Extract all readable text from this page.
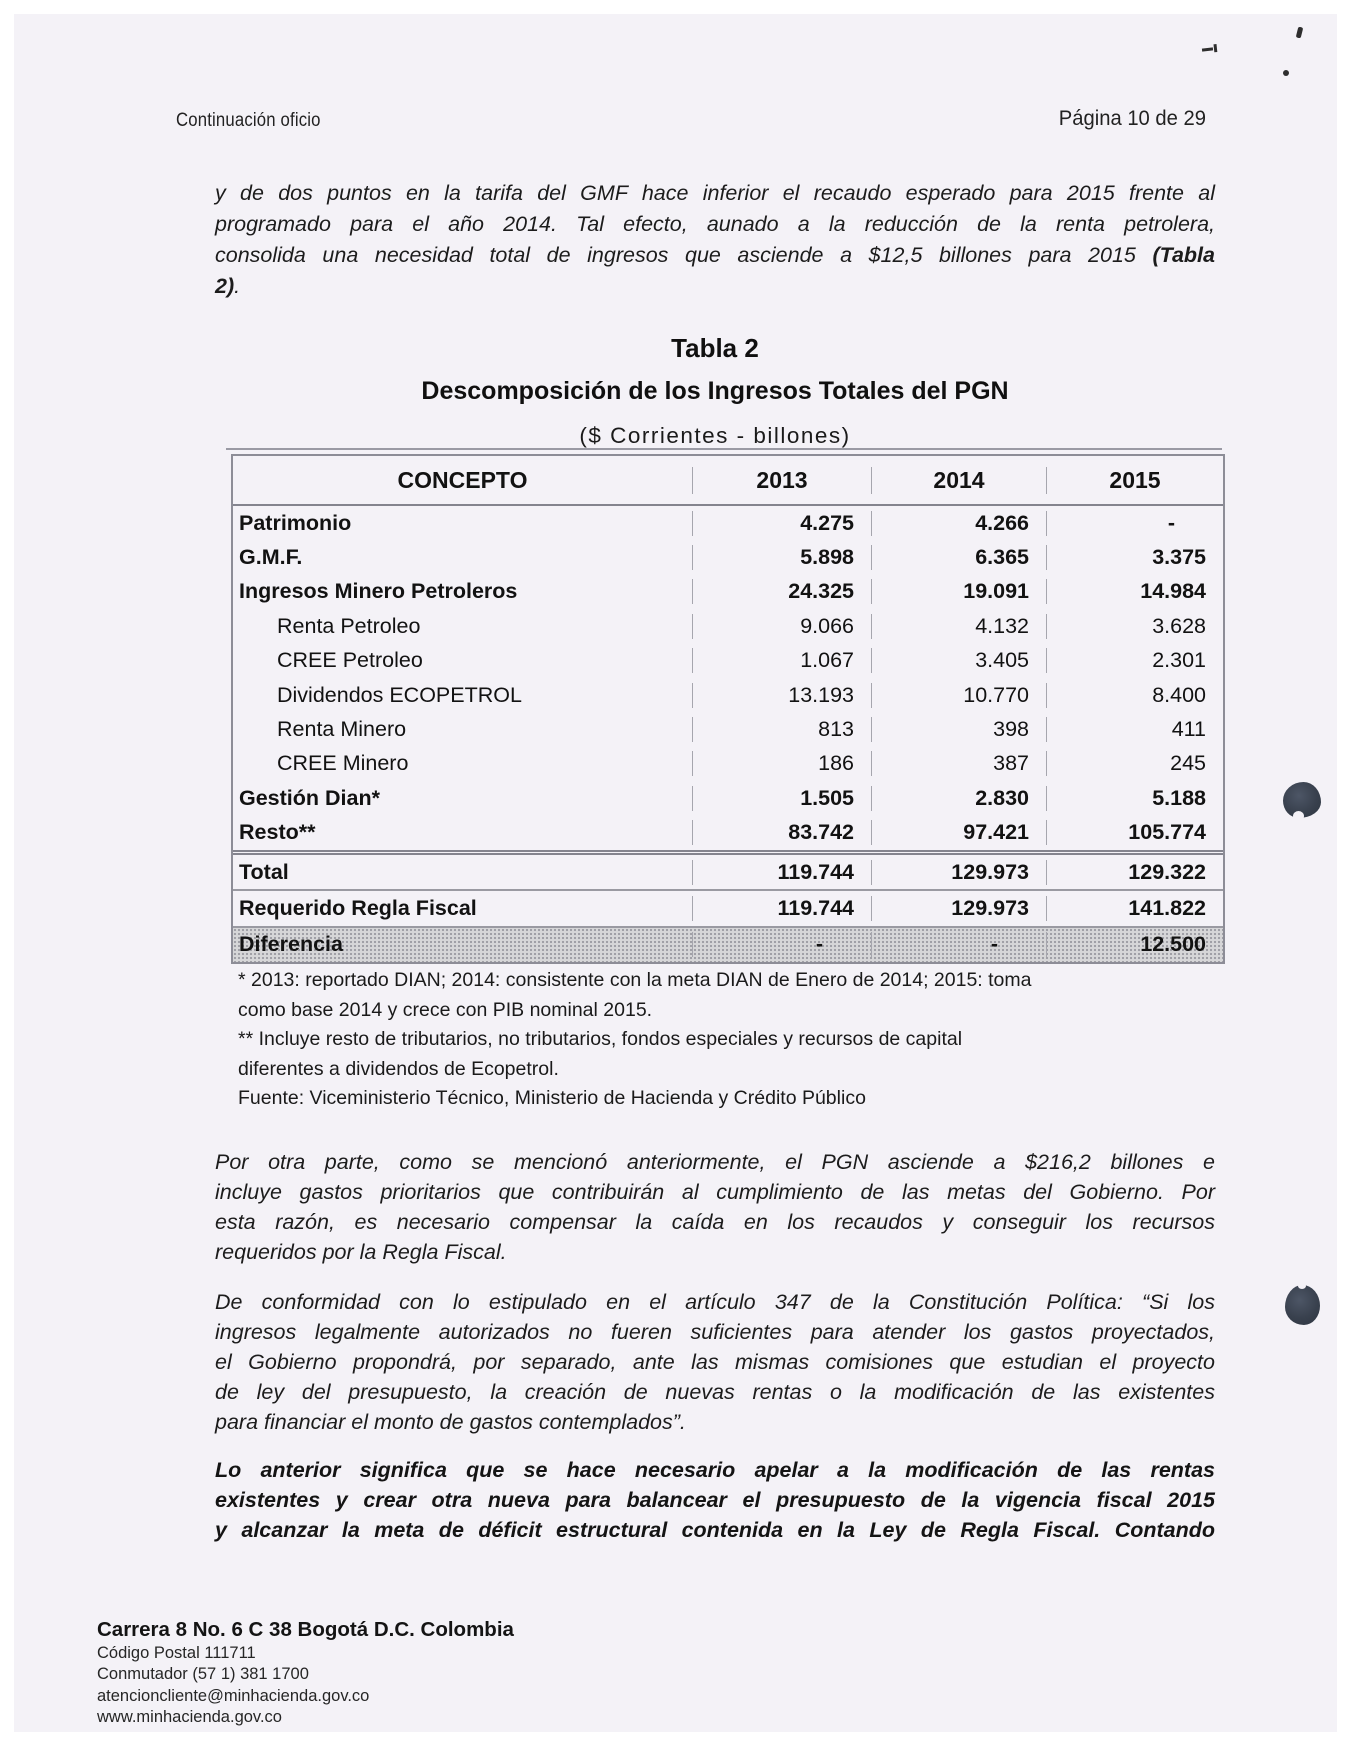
Continuación oficio	Página 10 de 29
y de dos puntos en la tarifa del GMF hace inferior el recaudo esperado para 2015 frente al
programado para el año 2014. Tal efecto, aunado a la reducción de la renta petrolera,
consolida una necesidad total de ingresos que asciende a $12,5 billones para 2015 (Tabla
2).
Tabla 2
Descomposición de los Ingresos Totales del PGN
($ Corrientes - billones)
CONCEPTO	2013	2014	2015
Patrimonio	4.275	4.266	-
G.M.F.	5.898	6.365	3.375
Ingresos Minero Petroleros	24.325	19.091	14.984
Renta Petroleo	9.066	4.132	3.628
CREE Petroleo	1.067	3.405	2.301
Dividendos ECOPETROL	13.193	10.770	8.400
Renta Minero	813	398	411
CREE Minero	186	387	245
Gestión Dian*	1.505	2.830	5.188
Resto**	83.742	97.421	105.774
Total	119.744	129.973	129.322
Requerido Regla Fiscal	119.744	129.973	141.822
Diferencia	-	-	12.500
* 2013: reportado DIAN; 2014: consistente con la meta DIAN de Enero de 2014; 2015: toma
como base 2014 y crece con PIB nominal 2015.
** Incluye resto de tributarios, no tributarios, fondos especiales y recursos de capital
diferentes a dividendos de Ecopetrol.
Fuente: Viceministerio Técnico, Ministerio de Hacienda y Crédito Público
Por otra parte, como se mencionó anteriormente, el PGN asciende a $216,2 billones e
incluye gastos prioritarios que contribuirán al cumplimiento de las metas del Gobierno. Por
esta razón, es necesario compensar la caída en los recaudos y conseguir los recursos
requeridos por la Regla Fiscal.
De conformidad con lo estipulado en el artículo 347 de la Constitución Política: “Si los
ingresos legalmente autorizados no fueren suficientes para atender los gastos proyectados,
el Gobierno propondrá, por separado, ante las mismas comisiones que estudian el proyecto
de ley del presupuesto, la creación de nuevas rentas o la modificación de las existentes
para financiar el monto de gastos contemplados”.
Lo anterior significa que se hace necesario apelar a la modificación de las rentas
existentes y crear otra nueva para balancear el presupuesto de la vigencia fiscal 2015
y alcanzar la meta de déficit estructural contenida en la Ley de Regla Fiscal. Contando
Carrera 8 No. 6 C 38 Bogotá D.C. Colombia
Código Postal 111711
Conmutador (57 1) 381 1700
atencioncliente@minhacienda.gov.co
www.minhacienda.gov.co
